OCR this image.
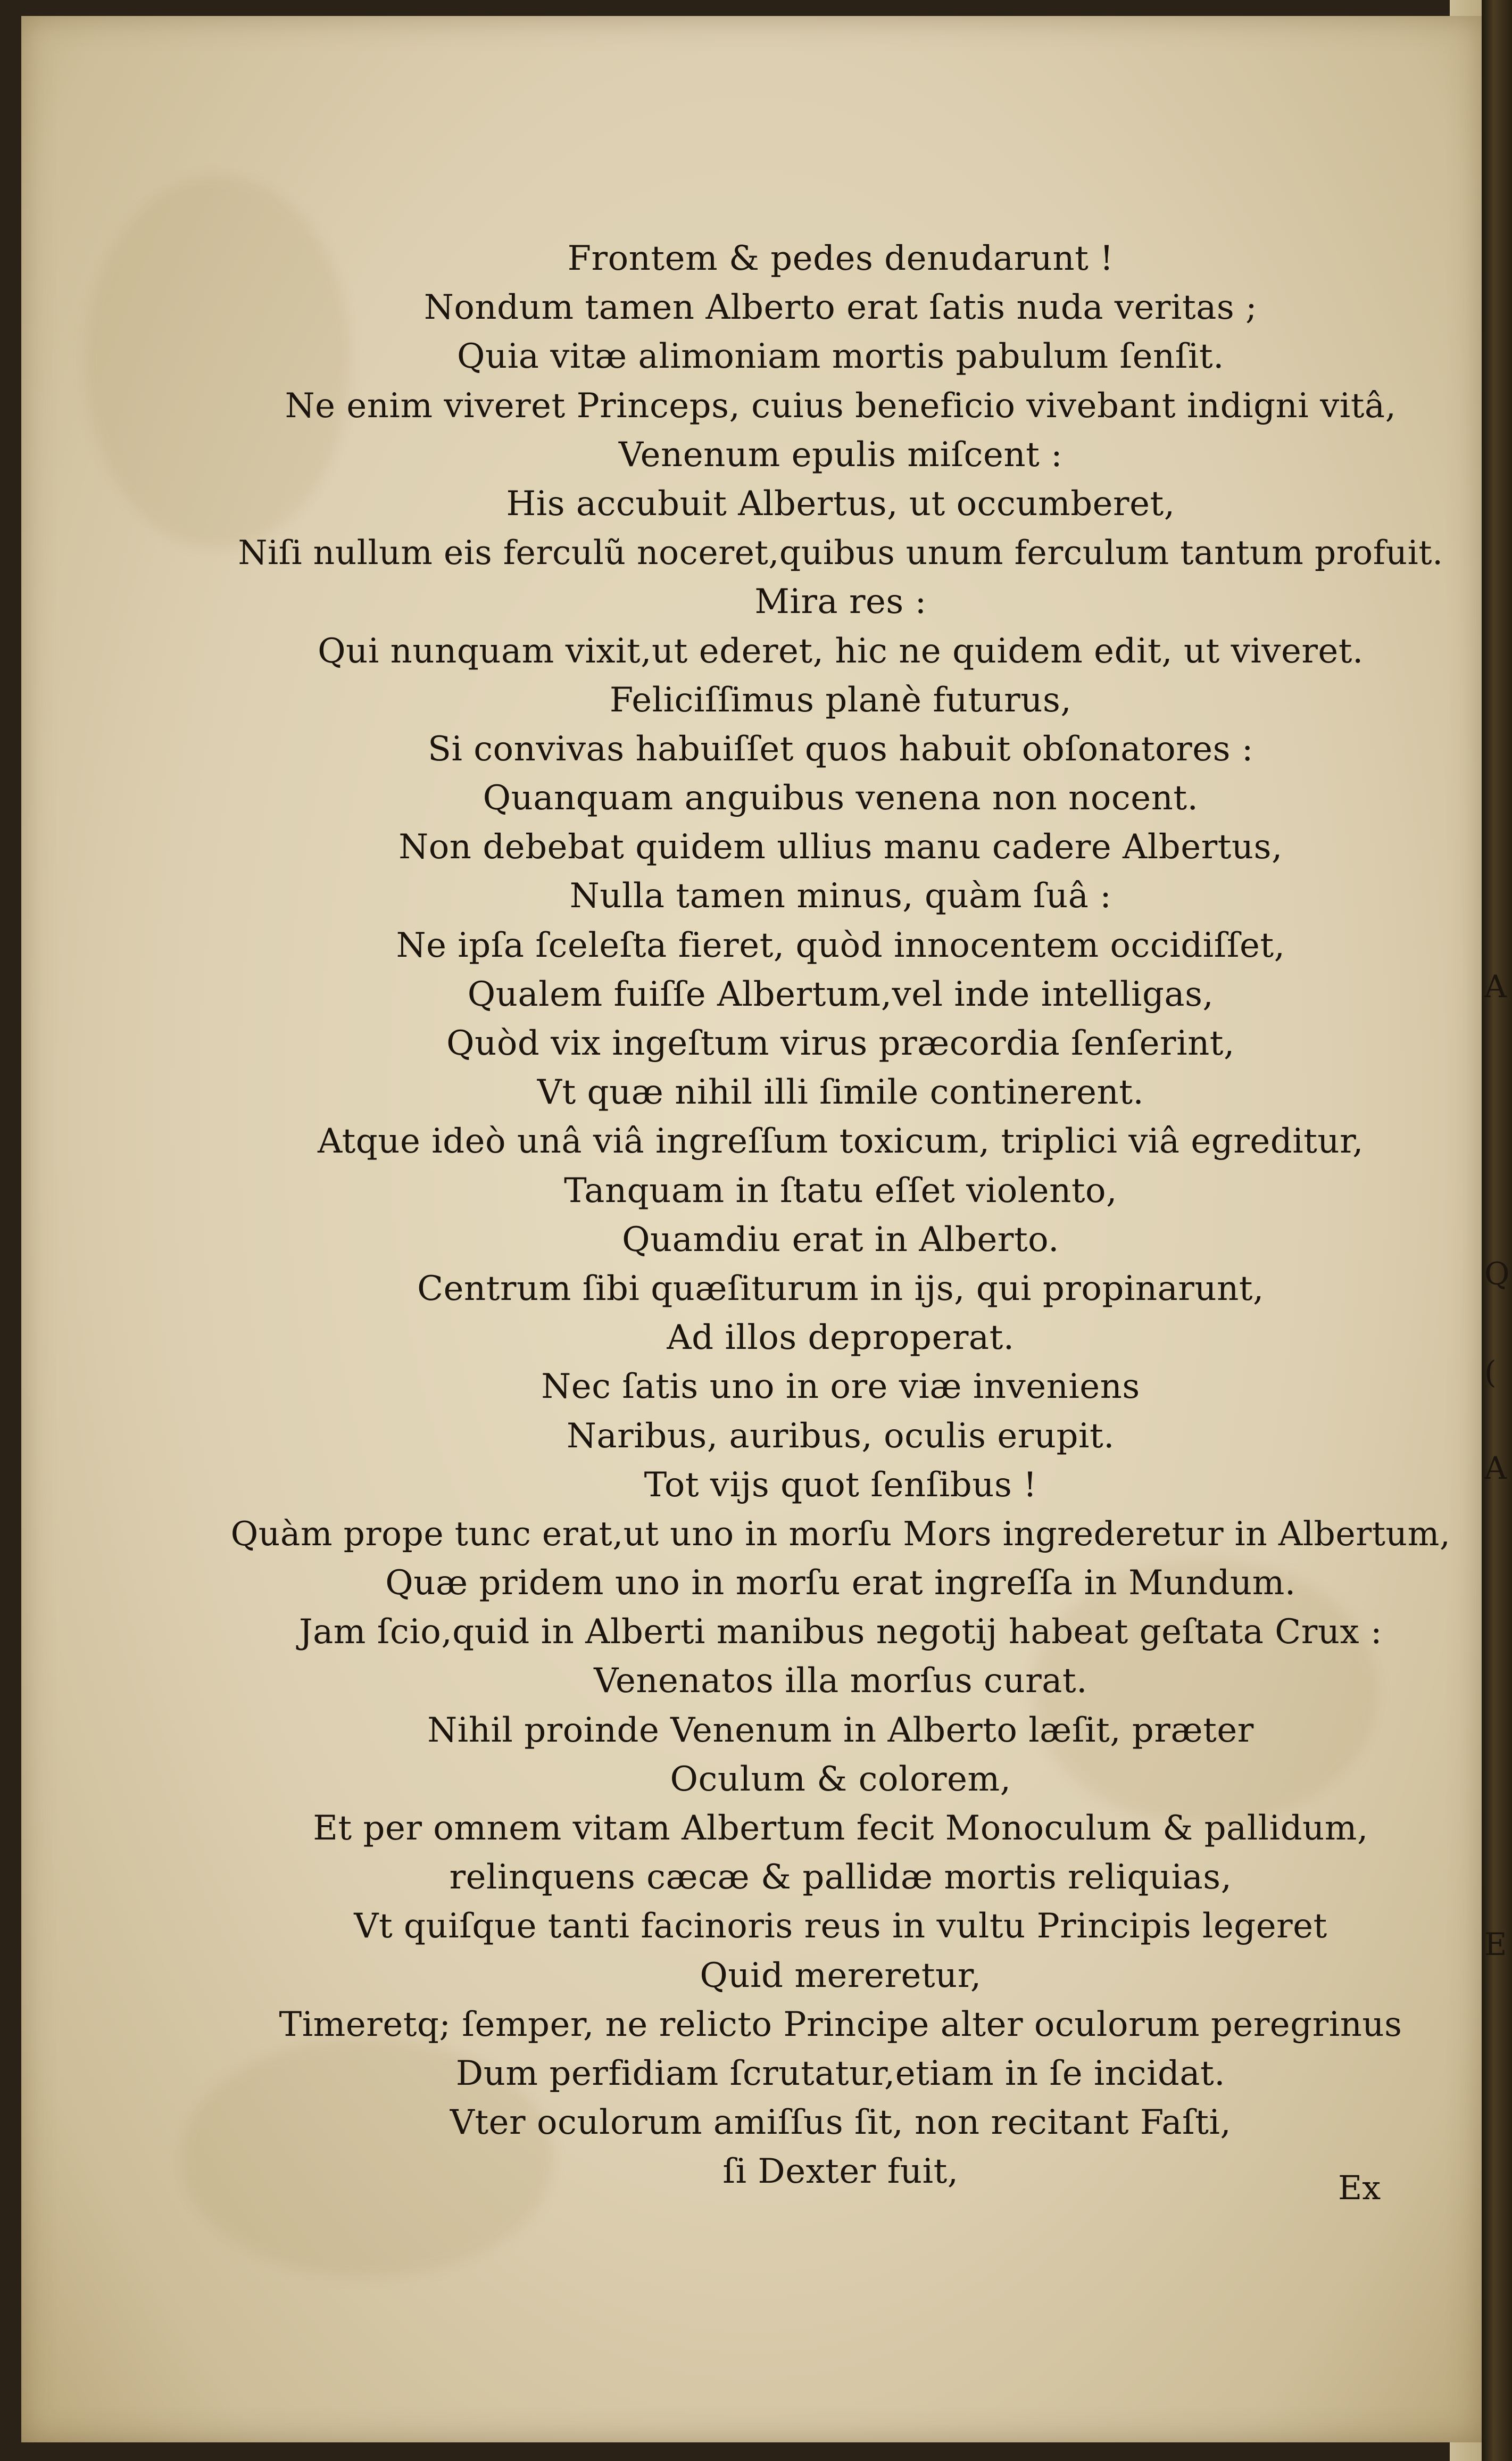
Frontem & pedes denudarunt !
Nondum tamen Alberto erat ſatis nuda veritas ;
Quia vitæ alimoniam mortis pabulum ſenſit.
Ne enim viveret Princeps, cuius beneficio vivebant indigni vitâ,
Venenum epulis miſcent :
His accubuit Albertus, ut occumberet,
Niſi nullum eis ferculũ noceret,quibus unum ferculum tantum profuit.
Mira res :
Qui nunquam vixit,ut ederet, hic ne quidem edit, ut viveret.
Feliciſſimus planè futurus,
Si convivas habuiſſet quos habuit obſonatores :
Quanquam anguibus venena non nocent.
Non debebat quidem ullius manu cadere Albertus,
Nulla tamen minus, quàm ſuâ :
Ne ipſa ſceleſta fieret, quòd innocentem occidiſſet,
Qualem fuiſſe Albertum,vel inde intelligas,
Quòd vix ingeſtum virus præcordia ſenſerint,
Vt quæ nihil illi ſimile continerent.
Atque ideò unâ viâ ingreſſum toxicum, triplici viâ egreditur,
Tanquam in ſtatu eſſet violento,
Quamdiu erat in Alberto.
Centrum ſibi quæſiturum in ijs, qui propinarunt,
Ad illos deproperat.
Nec ſatis uno in ore viæ inveniens
Naribus, auribus, oculis erupit.
Tot vijs quot ſenſibus !
Quàm prope tunc erat,ut uno in morſu Mors ingrederetur in Albertum,
Quæ pridem uno in morſu erat ingreſſa in Mundum.
Jam ſcio,quid in Alberti manibus negotij habeat geſtata Crux :
Venenatos illa morſus curat.
Nihil proinde Venenum in Alberto læſit, præter
Oculum & colorem,
Et per omnem vitam Albertum fecit Monoculum & pallidum,
relinquens cæcæ & pallidæ mortis reliquias,
Vt quiſque tanti facinoris reus in vultu Principis legeret
Quid mereretur,
Timeretq; ſemper, ne relicto Principe alter oculorum peregrinus
Dum perfidiam ſcrutatur,etiam in ſe incidat.
Vter oculorum amiſſus ſit, non recitant Faſti,
ſi Dexter fuit,	Ex
A
Q
(
A
E
